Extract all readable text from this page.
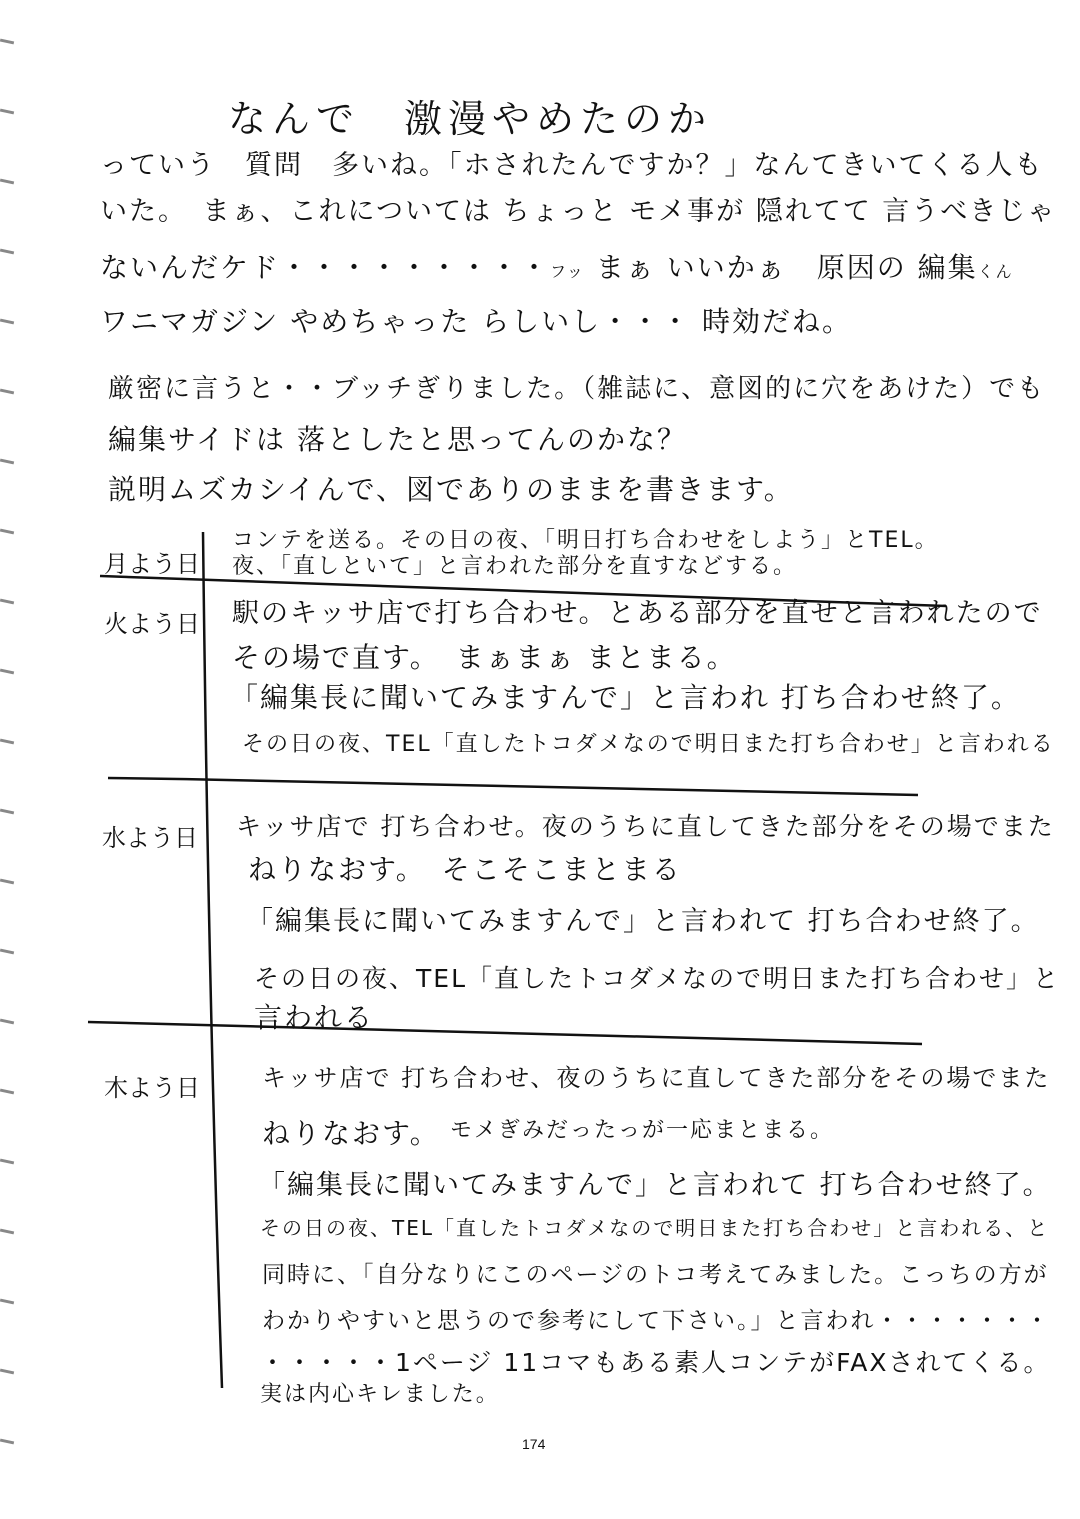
なんで　激漫やめたのか
っていう　質問　多いね。「ホされたんですか？」なんてきいてくる人も
いた。　まぁ、これについては ちょっと モメ事が 隠れてて 言うべきじゃ
ないんだケド・・・・・・・・・フッ まぁ いいかぁ　原因の 編集くん
ワニマガジン やめちゃった らしいし・・・ 時効だね。
厳密に言うと・・ブッチぎりました。（雑誌に、意図的に穴をあけた）でも
編集サイドは 落としたと思ってんのかな？
説明ムズカシイんで、図でありのままを書きます。
月よう日
コンテを送る。その日の夜、「明日打ち合わせをしよう」とTEL。
夜、「直しといて」と言われた部分を直すなどする。
火よう日 駅のキッサ店で打ち合わせ。とある部分を直せと言われたので
その場で直す。　まぁまぁ まとまる。
「編集長に聞いてみますんで」と言われ 打ち合わせ終了。
その日の夜、TEL「直したトコダメなので明日また打ち合わせ」と言われる
水よう日 キッサ店で 打ち合わせ。夜のうちに直してきた部分をその場でまた
ねりなおす。　そこそこまとまる
「編集長に聞いてみますんで」と言われて 打ち合わせ終了。
その日の夜、TEL「直したトコダメなので明日また打ち合わせ」と
言われる
木よう日	キッサ店で 打ち合わせ、夜のうちに直してきた部分をその場でまた
ねりなおす。 モメぎみだったっが一応まとまる。
「編集長に聞いてみますんで」と言われて 打ち合わせ終了。
その日の夜、TEL「直したトコダメなので明日また打ち合わせ」と言われる、と
同時に、「自分なりにこのページのトコ考えてみました。こっちの方が
わかりやすいと思うので参考にして下さい。」と言われ・・・・・・・
・・・・・1ページ 11コマもある素人コンテがFAXされてくる。
実は内心キレました。
174
